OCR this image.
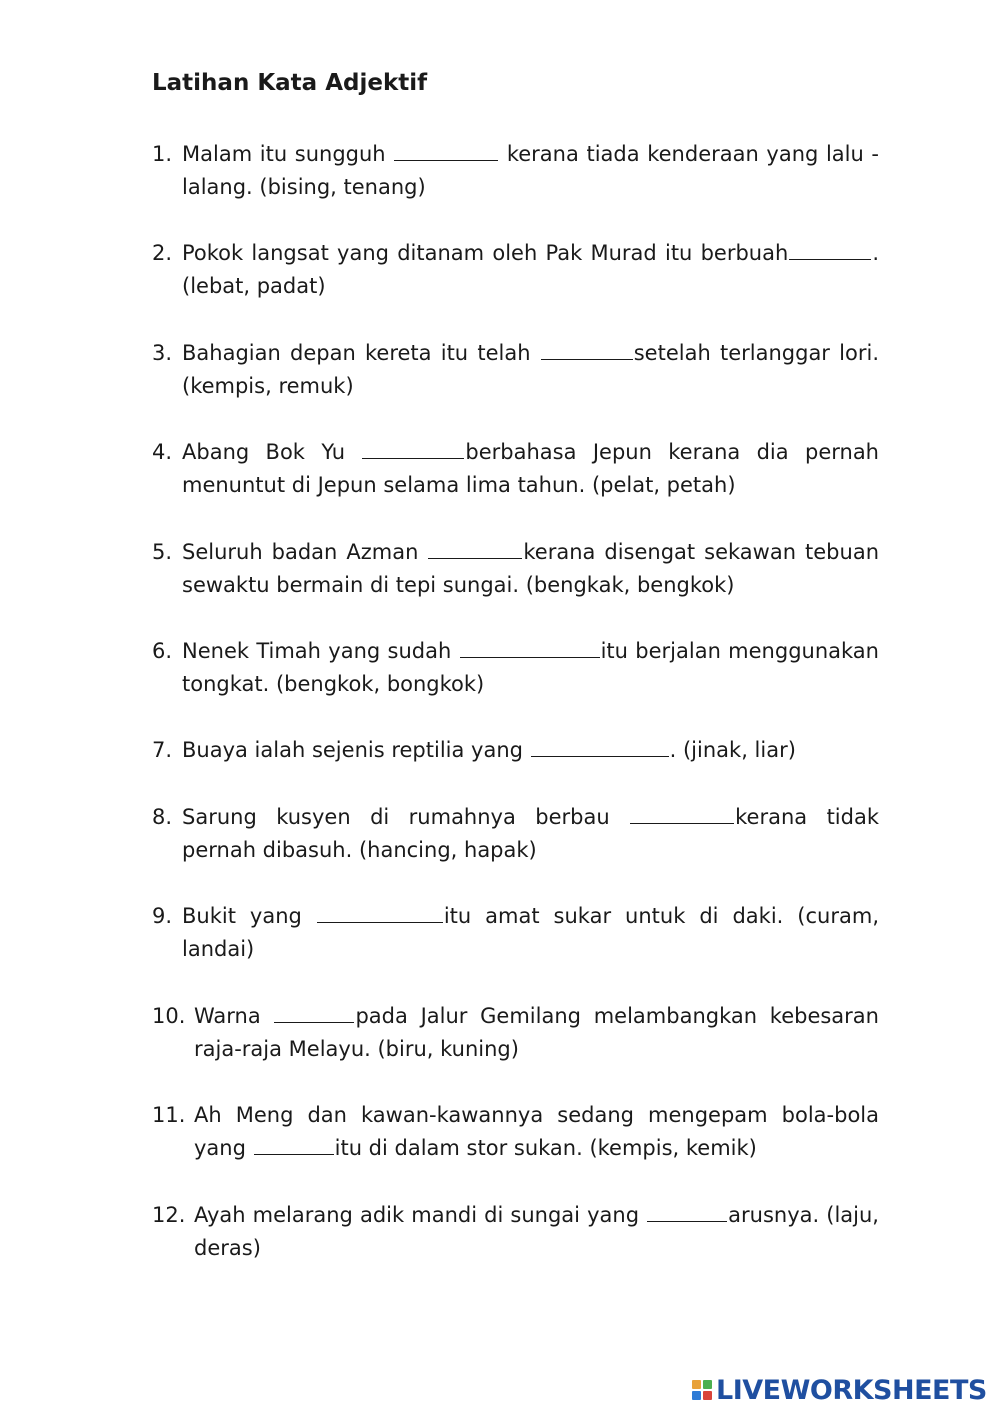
Latihan Kata Adjektif
1. Malam itu sungguh	kerana tiada kenderaan yang lalu - lalang. (bising, tenang)
2. Pokok langsat yang ditanam oleh Pak Murad itu berbuah	. (lebat, padat)
3. Bahagian depan kereta itu telah	setelah terlanggar lori. (kempis, remuk)
4. Abang Bok Yu	berbahasa Jepun kerana dia pernah menuntut di Jepun selama lima tahun. (pelat, petah)
5. Seluruh badan Azman	kerana disengat sekawan tebuan sewaktu bermain di tepi sungai. (bengkak, bengkok)
6. Nenek Timah yang sudah	itu berjalan menggunakan tongkat. (bengkok, bongkok)
7. Buaya ialah sejenis reptilia yang	. (jinak, liar)
8. Sarung kusyen di rumahnya berbau	kerana tidak pernah dibasuh. (hancing, hapak)
9. Bukit yang	itu amat sukar untuk di daki. (curam, landai)
10. Warna	pada Jalur Gemilang melambangkan kebesaran raja-raja Melayu. (biru, kuning)
11. Ah Meng dan kawan-kawannya sedang mengepam bola-bola yang	itu di dalam stor sukan. (kempis, kemik)
12. Ayah melarang adik mandi di sungai yang	arusnya. (laju, deras)
LIVEWORKSHEETS
